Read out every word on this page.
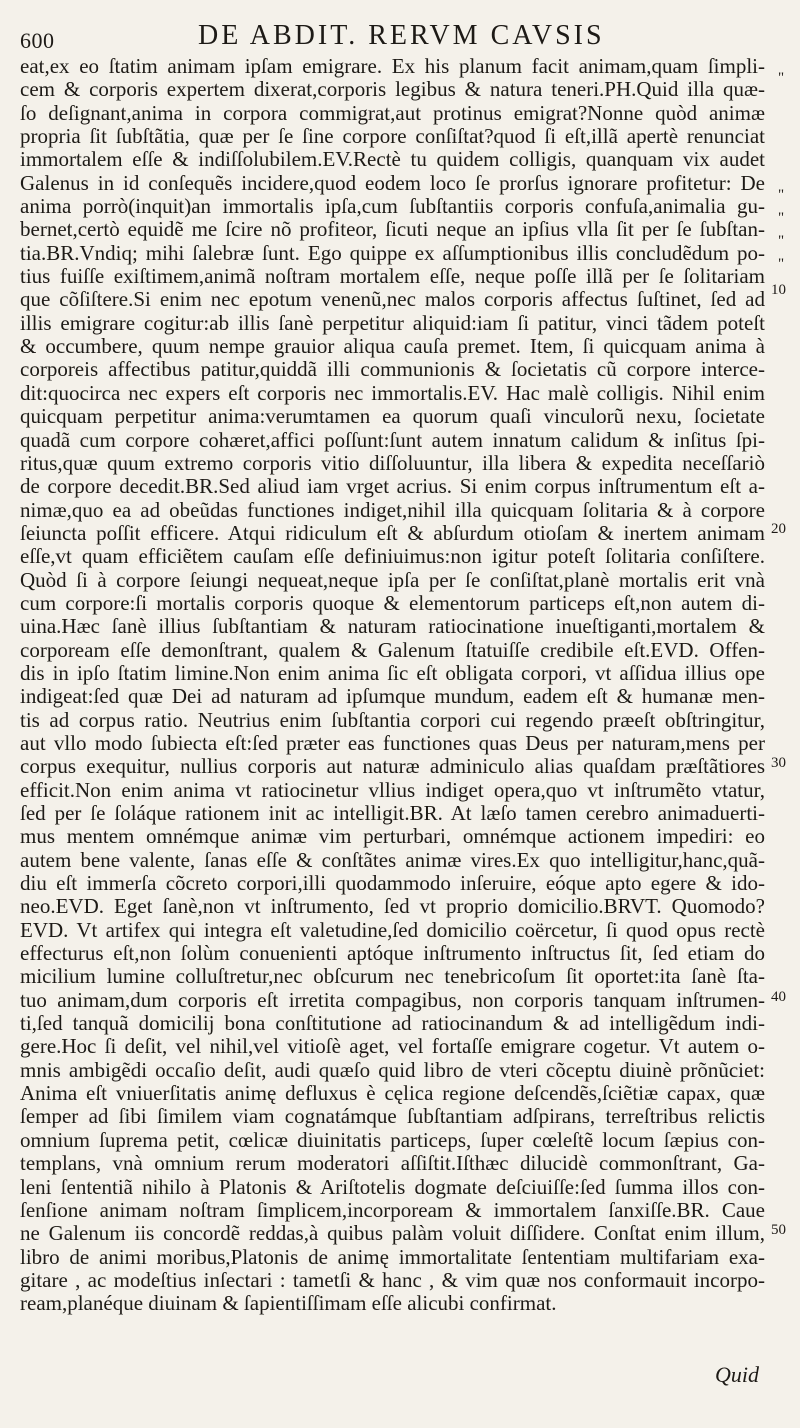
600	DE ABDIT. RERVM CAVSIS
eat,ex eo ſtatim animam ipſam emigrare. Ex his planum facit animam,quam ſimpli-
cem & corporis expertem dixerat,corporis legibus & natura teneri.PH.Quid illa quæ-
ſo deſignant,anima in corpora commigrat,aut protinus emigrat?Nonne quòd animæ
propria ſit ſubſtãtia, quæ per ſe ſine corpore conſiſtat?quod ſi eſt,illã apertè renunciat
immortalem eſſe & indiſſolubilem.EV.Rectè tu quidem colligis, quanquam vix audet
Galenus in id conſequẽs incidere,quod eodem loco ſe prorſus ignorare profitetur: De
anima porrò(inquit)an immortalis ipſa,cum ſubſtantiis corporis confuſa,animalia gu-
bernet,certò equidẽ me ſcire nõ profiteor, ſicuti neque an ipſius vlla ſit per ſe ſubſtan-
tia.BR.Vndiq; mihi ſalebræ ſunt. Ego quippe ex aſſumptionibus illis concludẽdum po-
tius fuiſſe exiſtimem,animã noſtram mortalem eſſe, neque poſſe illã per ſe ſolitariam
que cõſiſtere.Si enim nec epotum venenũ,nec malos corporis affectus ſuſtinet, ſed ad
illis emigrare cogitur:ab illis ſanè perpetitur aliquid:iam ſi patitur, vinci tãdem poteſt
& occumbere, quum nempe grauior aliqua cauſa premet. Item, ſi quicquam anima à
corporeis affectibus patitur,quiddã illi communionis & ſocietatis cũ corpore interce-
dit:quocirca nec expers eſt corporis nec immortalis.EV. Hac malè colligis. Nihil enim
quicquam perpetitur anima:verumtamen ea quorum quaſi vinculorũ nexu, ſocietate
quadã cum corpore cohæret,affici poſſunt:ſunt autem innatum calidum & inſitus ſpi-
ritus,quæ quum extremo corporis vitio diſſoluuntur, illa libera & expedita neceſſariò
de corpore decedit.BR.Sed aliud iam vrget acrius. Si enim corpus inſtrumentum eſt a-
nimæ,quo ea ad obeũdas functiones indiget,nihil illa quicquam ſolitaria & à corpore
ſeiuncta poſſit efficere. Atqui ridiculum eſt & abſurdum otioſam & inertem animam
eſſe,vt quam efficiẽtem cauſam eſſe definiuimus:non igitur poteſt ſolitaria conſiſtere.
Quòd ſi à corpore ſeiungi nequeat,neque ipſa per ſe conſiſtat,planè mortalis erit vnà
cum corpore:ſi mortalis corporis quoque & elementorum particeps eſt,non autem di-
uina.Hæc ſanè illius ſubſtantiam & naturam ratiocinatione inueſtiganti,mortalem &
corpoream eſſe demonſtrant, qualem & Galenum ſtatuiſſe credibile eſt.EVD. Offen-
dis in ipſo ſtatim limine.Non enim anima ſic eſt obligata corpori, vt aſſidua illius ope
indigeat:ſed quæ Dei ad naturam ad ipſumque mundum, eadem eſt & humanæ men-
tis ad corpus ratio. Neutrius enim ſubſtantia corpori cui regendo præeſt obſtringitur,
aut vllo modo ſubiecta eſt:ſed præter eas functiones quas Deus per naturam,mens per
corpus exequitur, nullius corporis aut naturæ adminiculo alias quaſdam præſtãtiores
efficit.Non enim anima vt ratiocinetur vllius indiget opera,quo vt inſtrumẽto vtatur,
ſed per ſe ſoláque rationem init ac intelligit.BR. At læſo tamen cerebro animaduerti-
mus mentem omnémque animæ vim perturbari, omnémque actionem impediri: eo
autem bene valente, ſanas eſſe & conſtãtes animæ vires.Ex quo intelligitur,hanc,quã-
diu eſt immerſa cõcreto corpori,illi quodammodo inſeruire, eóque apto egere & ido-
neo.EVD. Eget ſanè,non vt inſtrumento, ſed vt proprio domicilio.BRVT. Quomodo?
EVD. Vt artifex qui integra eſt valetudine,ſed domicilio coërcetur, ſi quod opus rectè
effecturus eſt,non ſolùm conuenienti aptóque inſtrumento inſtructus ſit, ſed etiam do
micilium lumine colluſtretur,nec obſcurum nec tenebricoſum ſit oportet:ita ſanè ſta-
tuo animam,dum corporis eſt irretita compagibus, non corporis tanquam inſtrumen-
ti,ſed tanquã domicilij bona conſtitutione ad ratiocinandum & ad intelligẽdum indi-
gere.Hoc ſi deſit, vel nihil,vel vitioſè aget, vel fortaſſe emigrare cogetur. Vt autem o-
mnis ambigẽdi occaſio deſit, audi quæſo quid libro de vteri cõceptu diuinè prõnũciet:
Anima eſt vniuerſitatis animę defluxus è cęlica regione deſcendẽs,ſciẽtiæ capax, quæ
ſemper ad ſibi ſimilem viam cognatámque ſubſtantiam adſpirans, terreſtribus relictis
omnium ſuprema petit, cœlicæ diuinitatis particeps, ſuper cœleſtẽ locum ſæpius con-
templans, vnà omnium rerum moderatori aſſiſtit.Iſthæc dilucidè commonſtrant, Ga-
leni ſententiã nihilo à Platonis & Ariſtotelis dogmate deſciuiſſe:ſed ſumma illos con-
ſenſione animam noſtram ſimplicem,incorpoream & immortalem ſanxiſſe.BR. Caue
ne Galenum iis concordẽ reddas,à quibus palàm voluit diſſidere. Conſtat enim illum,
libro de animi moribus,Platonis de animę immortalitate ſententiam multifariam exa-
gitare , ac modeſtius inſectari : tametſi & hanc , & vim quæ nos conformauit incorpo-
ream,planéque diuinam & ſapientiſſimam eſſe alicubi confirmat.
"
"
"
"
"
10
20
30
40
50
Quid
